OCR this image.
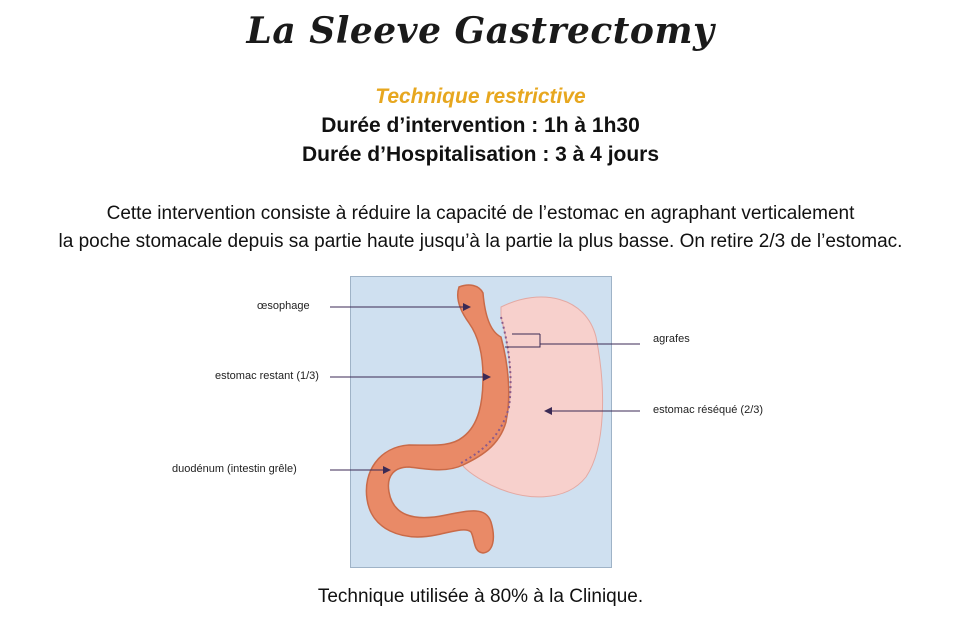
La Sleeve Gastrectomy
Technique restrictive
Durée d’intervention : 1h à 1h30
Durée d’Hospitalisation : 3 à 4 jours
Cette intervention consiste à réduire la capacité de l’estomac en agraphant verticalement
la poche stomacale depuis sa partie haute jusqu’à la partie la plus basse. On retire 2/3 de l’estomac.
œsophage
estomac restant (1/3)
duodénum (intestin grêle)
agrafes
estomac réséqué (2/3)
Technique utilisée à 80% à la Clinique.
